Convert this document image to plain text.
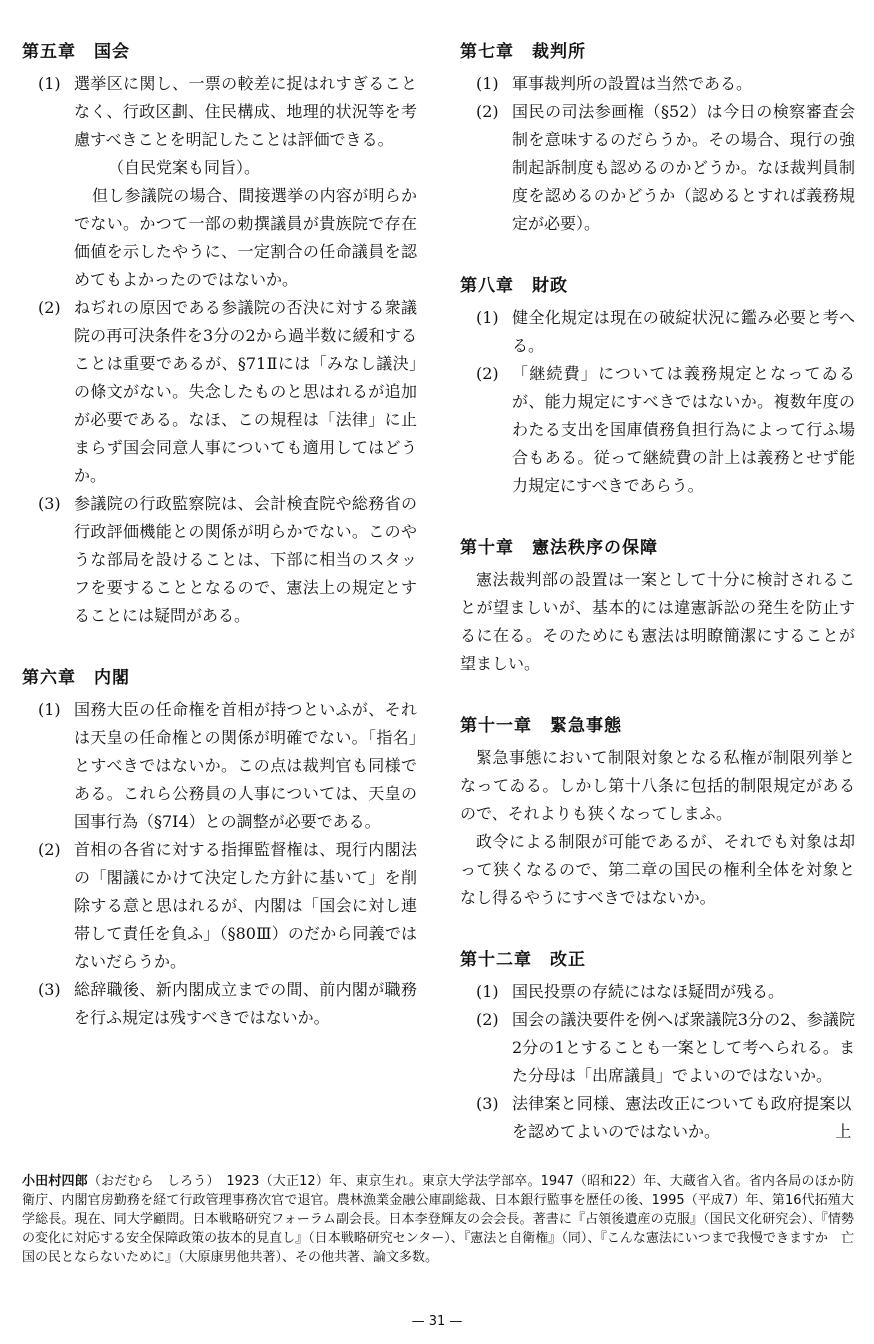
第五章　国会
(1) 選挙区に関し、一票の較差に捉はれすぎることなく、行政区劃、住民構成、地理的状況等を考慮すべきことを明記したことは評価できる。
（自民党案も同旨）。
但し参議院の場合、間接選挙の内容が明らかでない。かつて一部の勅撰議員が貴族院で存在価値を示したやうに、一定割合の任命議員を認めてもよかったのではないか。
(2) ねぢれの原因である参議院の否決に対する衆議院の再可決条件を3分の2から過半数に緩和することは重要であるが、§71Ⅱには「みなし議決」の條文がない。失念したものと思はれるが追加が必要である。なほ、この規程は「法律」に止まらず国会同意人事についても適用してはどうか。
(3) 参議院の行政監察院は、会計検査院や総務省の行政評価機能との関係が明らかでない。このやうな部局を設けることは、下部に相当のスタッフを要することとなるので、憲法上の規定とすることには疑問がある。
第六章　内閣
(1) 国務大臣の任命権を首相が持つといふが、それは天皇の任命権との関係が明確でない。「指名」とすべきではないか。この点は裁判官も同様である。これら公務員の人事については、天皇の国事行為（§7Ⅰ4）との調整が必要である。
(2) 首相の各省に対する指揮監督権は、現行内閣法の「閣議にかけて決定した方針に基いて」を削除する意と思はれるが、内閣は「国会に対し連帯して責任を負ふ」（§80Ⅲ）のだから同義ではないだらうか。
(3) 総辞職後、新内閣成立までの間、前内閣が職務を行ふ規定は残すべきではないか。
第七章　裁判所
(1) 軍事裁判所の設置は当然である。
(2) 国民の司法参画権（§52）は今日の検察審査会制を意味するのだらうか。その場合、現行の強制起訴制度も認めるのかどうか。なほ裁判員制度を認めるのかどうか（認めるとすれば義務規定が必要）。
第八章　財政
(1) 健全化規定は現在の破綻状況に鑑み必要と考へる。
(2) 「継続費」については義務規定となってゐるが、能力規定にすべきではないか。複数年度のわたる支出を国庫債務負担行為によって行ふ場合もある。従って継続費の計上は義務とせず能力規定にすべきであらう。
第十章　憲法秩序の保障
憲法裁判部の設置は一案として十分に検討されることが望ましいが、基本的には違憲訴訟の発生を防止するに在る。そのためにも憲法は明瞭簡潔にすることが望ましい。
第十一章　緊急事態
緊急事態において制限対象となる私権が制限列挙となってゐる。しかし第十八条に包括的制限規定があるので、それよりも狭くなってしまふ。
政令による制限が可能であるが、それでも対象は却って狭くなるので、第二章の国民の権利全体を対象となし得るやうにすべきではないか。
第十二章　改正
(1) 国民投票の存続にはなほ疑問が残る。
(2) 国会の議決要件を例へば衆議院3分の2、参議院2分の1とすることも一案として考へられる。また分母は「出席議員」でよいのではないか。
(3) 法律案と同様、憲法改正についても政府提案を認めてよいのではないか。
以上
小田村四郎（おだむら　しろう）　1923（大正12）年、東京生れ。東京大学法学部卒。1947（昭和22）年、大蔵省入省。省内各局のほか防衛庁、内閣官房勤務を経て行政管理事務次官で退官。農林漁業金融公庫副総裁、日本銀行監事を歴任の後、1995（平成7）年、第16代拓殖大学総長。現在、同大学顧問。日本戦略研究フォーラム副会長。日本李登輝友の会会長。著書に『占領後遺産の克服』（国民文化研究会）、『情勢の変化に対応する安全保障政策の抜本的見直し』（日本戦略研究センター）、『憲法と自衛権』（同）、『こんな憲法にいつまで我慢できますか　亡国の民とならないために』（大原康男他共著）、その他共著、論文多数。
— 31 —
